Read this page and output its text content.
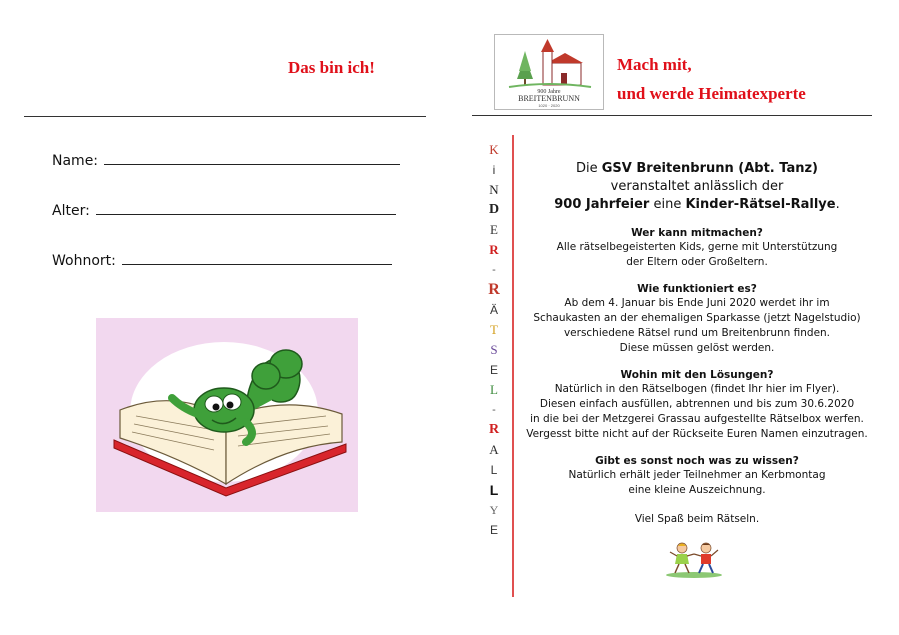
Das bin ich!
Name:
Alter:
Wohnort:
900 Jahre
BREITENBRUNN
1020 · 2020
Mach mit,
und werde Heimatexperte
K
i
N
D
E
R
-
R
Ä
T
S
E
L
-
R
A
L
L
Y
E
Die GSV Breitenbrunn (Abt. Tanz)
veranstaltet anlässlich der
900 Jahrfeier eine Kinder-Rätsel-Rallye.
Wer kann mitmachen?
Alle rätselbegeisterten Kids, gerne mit Unterstützung
der Eltern oder Großeltern.
Wie funktioniert es?
Ab dem 4. Januar bis Ende Juni 2020 werdet ihr im
Schaukasten an der ehemaligen Sparkasse (jetzt Nagelstudio)
verschiedene Rätsel rund um Breitenbrunn finden.
Diese müssen gelöst werden.
Wohin mit den Lösungen?
Natürlich in den Rätselbogen (findet Ihr hier im Flyer).
Diesen einfach ausfüllen, abtrennen und bis zum 30.6.2020
in die bei der Metzgerei Grassau aufgestellte Rätselbox werfen.
Vergesst bitte nicht auf der Rückseite Euren Namen einzutragen.
Gibt es sonst noch was zu wissen?
Natürlich erhält jeder Teilnehmer an Kerbmontag
eine kleine Auszeichnung.
Viel Spaß beim Rätseln.
